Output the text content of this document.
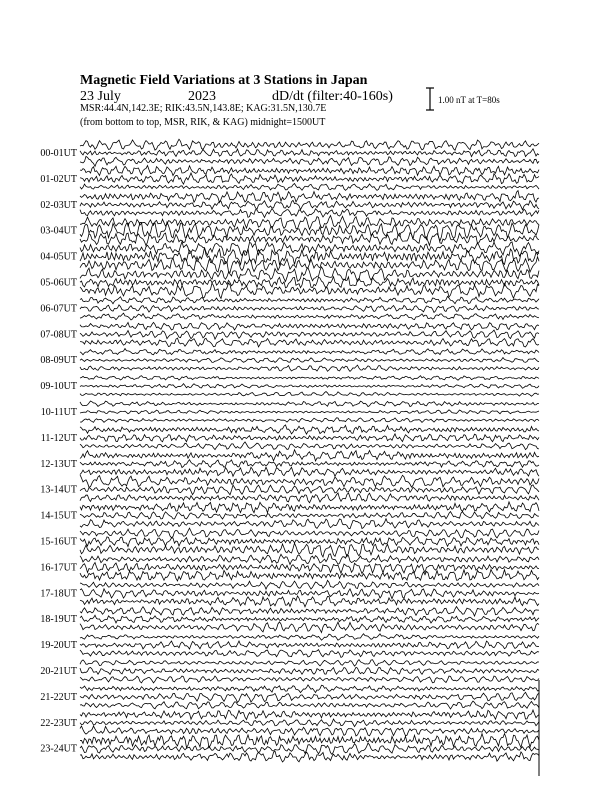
Magnetic Field Variations at 3 Stations in Japan
23 July	2023	dD/dt (filter:40-160s)
MSR:44.4N,142.3E; RIK:43.5N,143.8E; KAG:31.5N,130.7E
(from bottom to top, MSR, RIK, & KAG) midnight=1500UT
1.00 nT at T=80s
00-01UT
01-02UT
02-03UT
03-04UT
04-05UT
05-06UT
06-07UT
07-08UT
08-09UT
09-10UT
10-11UT
11-12UT
12-13UT
13-14UT
14-15UT
15-16UT
16-17UT
17-18UT
18-19UT
19-20UT
20-21UT
21-22UT
22-23UT
23-24UT
